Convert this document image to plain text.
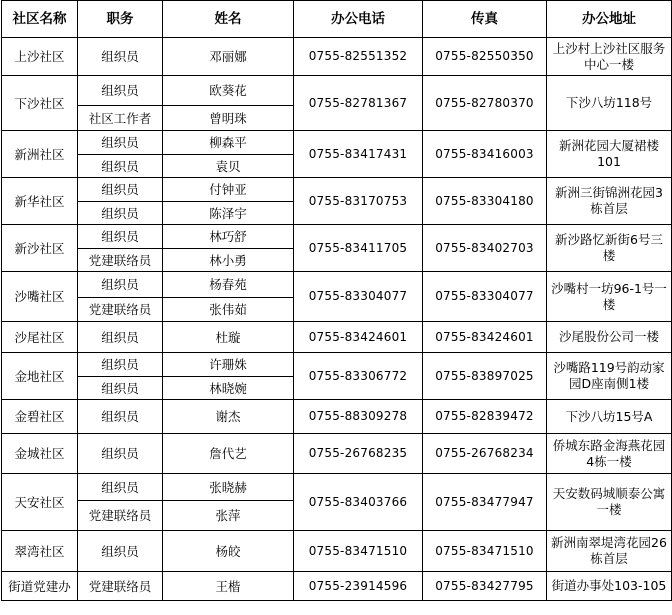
社区名称	职务	姓名	办公电话	传真	办公地址
上沙社区	组织员	邓丽娜	0755-82551352	0755-82550350	上沙村上沙社区服务中心一楼
下沙社区	组织员	欧葵花	0755-82781367	0755-82780370	下沙八坊118号
	社区工作者	曾明珠			
新洲社区	组织员	柳森平	0755-83417431	0755-83416003	新洲花园大厦裙楼101
	组织员	袁贝			
新华社区	组织员	付钟亚	0755-83170753	0755-83304180	新洲三街锦洲花园3栋首层
	组织员	陈泽宇			
新沙社区	组织员	林巧舒	0755-83411705	0755-83402703	新沙路忆新街6号三楼
	党建联络员	林小勇			
沙嘴社区	组织员	杨春苑	0755-83304077	0755-83304077	沙嘴村一坊96-1号一楼
	党建联络员	张伟茹			
沙尾社区	组织员	杜璇	0755-83424601	0755-83424601	沙尾股份公司一楼
金地社区	组织员	许珊姝	0755-83306772	0755-83897025	沙嘴路119号韵动家园D座南侧1楼
	组织员	林晓婉			
金碧社区	组织员	谢杰	0755-88309278	0755-82839472	下沙八坊15号A
金城社区	组织员	詹代艺	0755-26768235	0755-26768234	侨城东路金海燕花园4栋一楼
天安社区	组织员	张晓赫	0755-83403766	0755-83477947	天安数码城顺泰公寓一楼
	党建联络员	张萍			
翠湾社区	组织员	杨皎	0755-83471510	0755-83471510	新洲南翠堤湾花园26栋首层
街道党建办	党建联络员	王楷	0755-23914596	0755-83427795	街道办事处103-105
